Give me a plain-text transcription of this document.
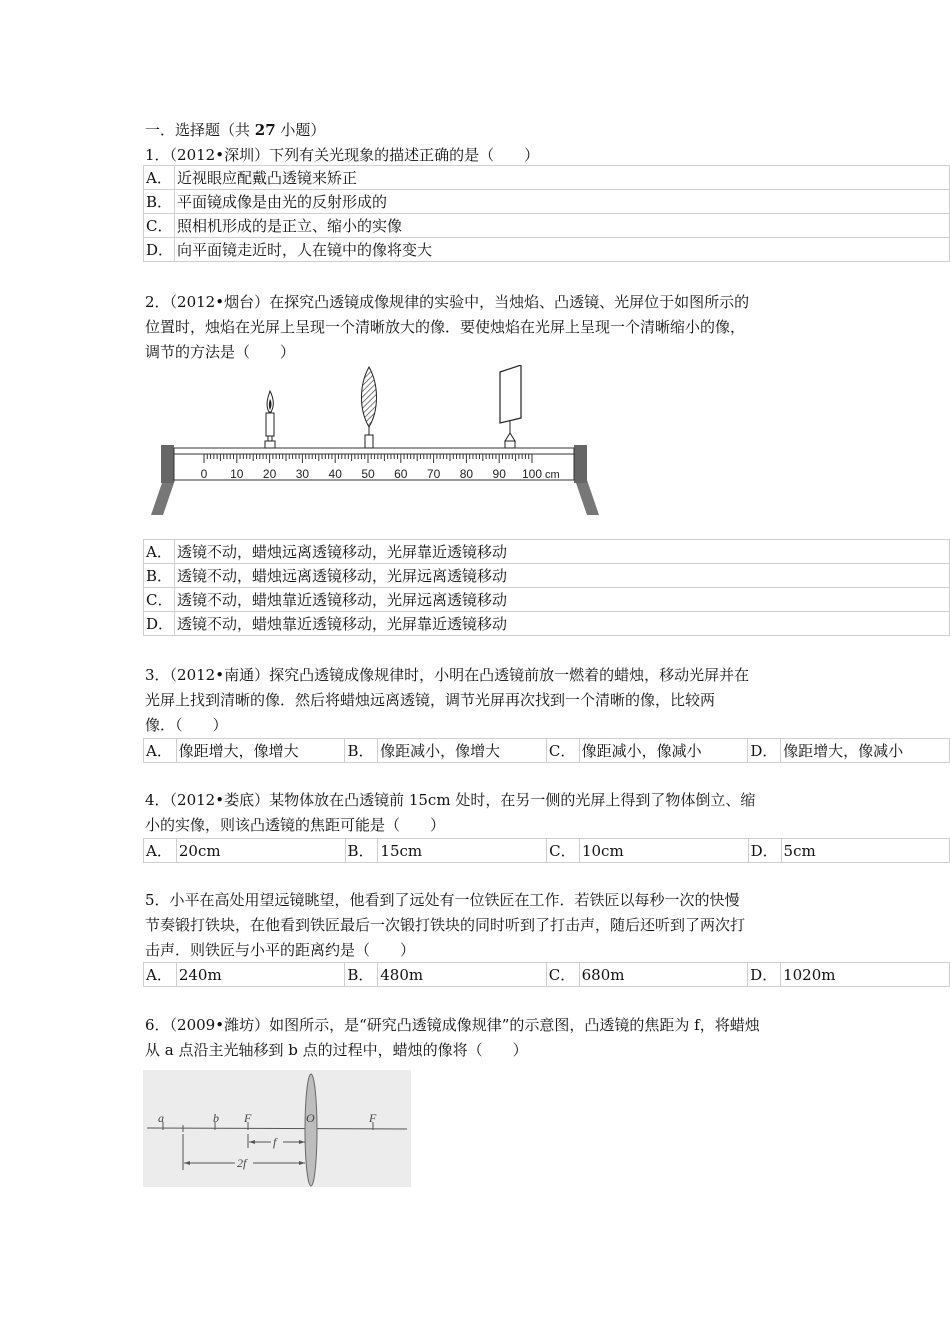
一．选择题（共 27 小题）
1．（2012•深圳）下列有关光现象的描述正确的是（　　）
A．	近视眼应配戴凸透镜来矫正
B．	平面镜成像是由光的反射形成的
C．	照相机形成的是正立、缩小的实像
D．	向平面镜走近时，人在镜中的像将变大
2．（2012•烟台）在探究凸透镜成像规律的实验中，当烛焰、凸透镜、光屏位于如图所示的
位置时，烛焰在光屏上呈现一个清晰放大的像．要使烛焰在光屏上呈现一个清晰缩小的像，
调节的方法是（　　）
0 10 20 30 40 50 60 70 80 90 100 cm
A．	透镜不动，蜡烛远离透镜移动，光屏靠近透镜移动
B．	透镜不动，蜡烛远离透镜移动，光屏远离透镜移动
C．	透镜不动，蜡烛靠近透镜移动，光屏远离透镜移动
D．	透镜不动，蜡烛靠近透镜移动，光屏靠近透镜移动
3．（2012•南通）探究凸透镜成像规律时，小明在凸透镜前放一燃着的蜡烛，移动光屏并在
光屏上找到清晰的像．然后将蜡烛远离透镜，调节光屏再次找到一个清晰的像，比较两
像．（　　）
A．	像距增大，像增大	B．	像距减小，像增大	C．	像距减小，像减小	D．	像距增大，像减小
4．（2012•娄底）某物体放在凸透镜前 15cm 处时，在另一侧的光屏上得到了物体倒立、缩
小的实像，则该凸透镜的焦距可能是（　　）
A．	20cm	B．	15cm	C．	10cm	D．	5cm
5．小平在高处用望远镜眺望，他看到了远处有一位铁匠在工作．若铁匠以每秒一次的快慢
节奏锻打铁块，在他看到铁匠最后一次锻打铁块的同时听到了打击声，随后还听到了两次打
击声．则铁匠与小平的距离约是（　　）
A．	240m	B．	480m	C．	680m	D．	1020m
6．（2009•潍坊）如图所示，是“研究凸透镜成像规律”的示意图，凸透镜的焦距为 f，将蜡烛
从 a 点沿主光轴移到 b 点的过程中，蜡烛的像将（　　）
a	b F	O	F
f
2f
